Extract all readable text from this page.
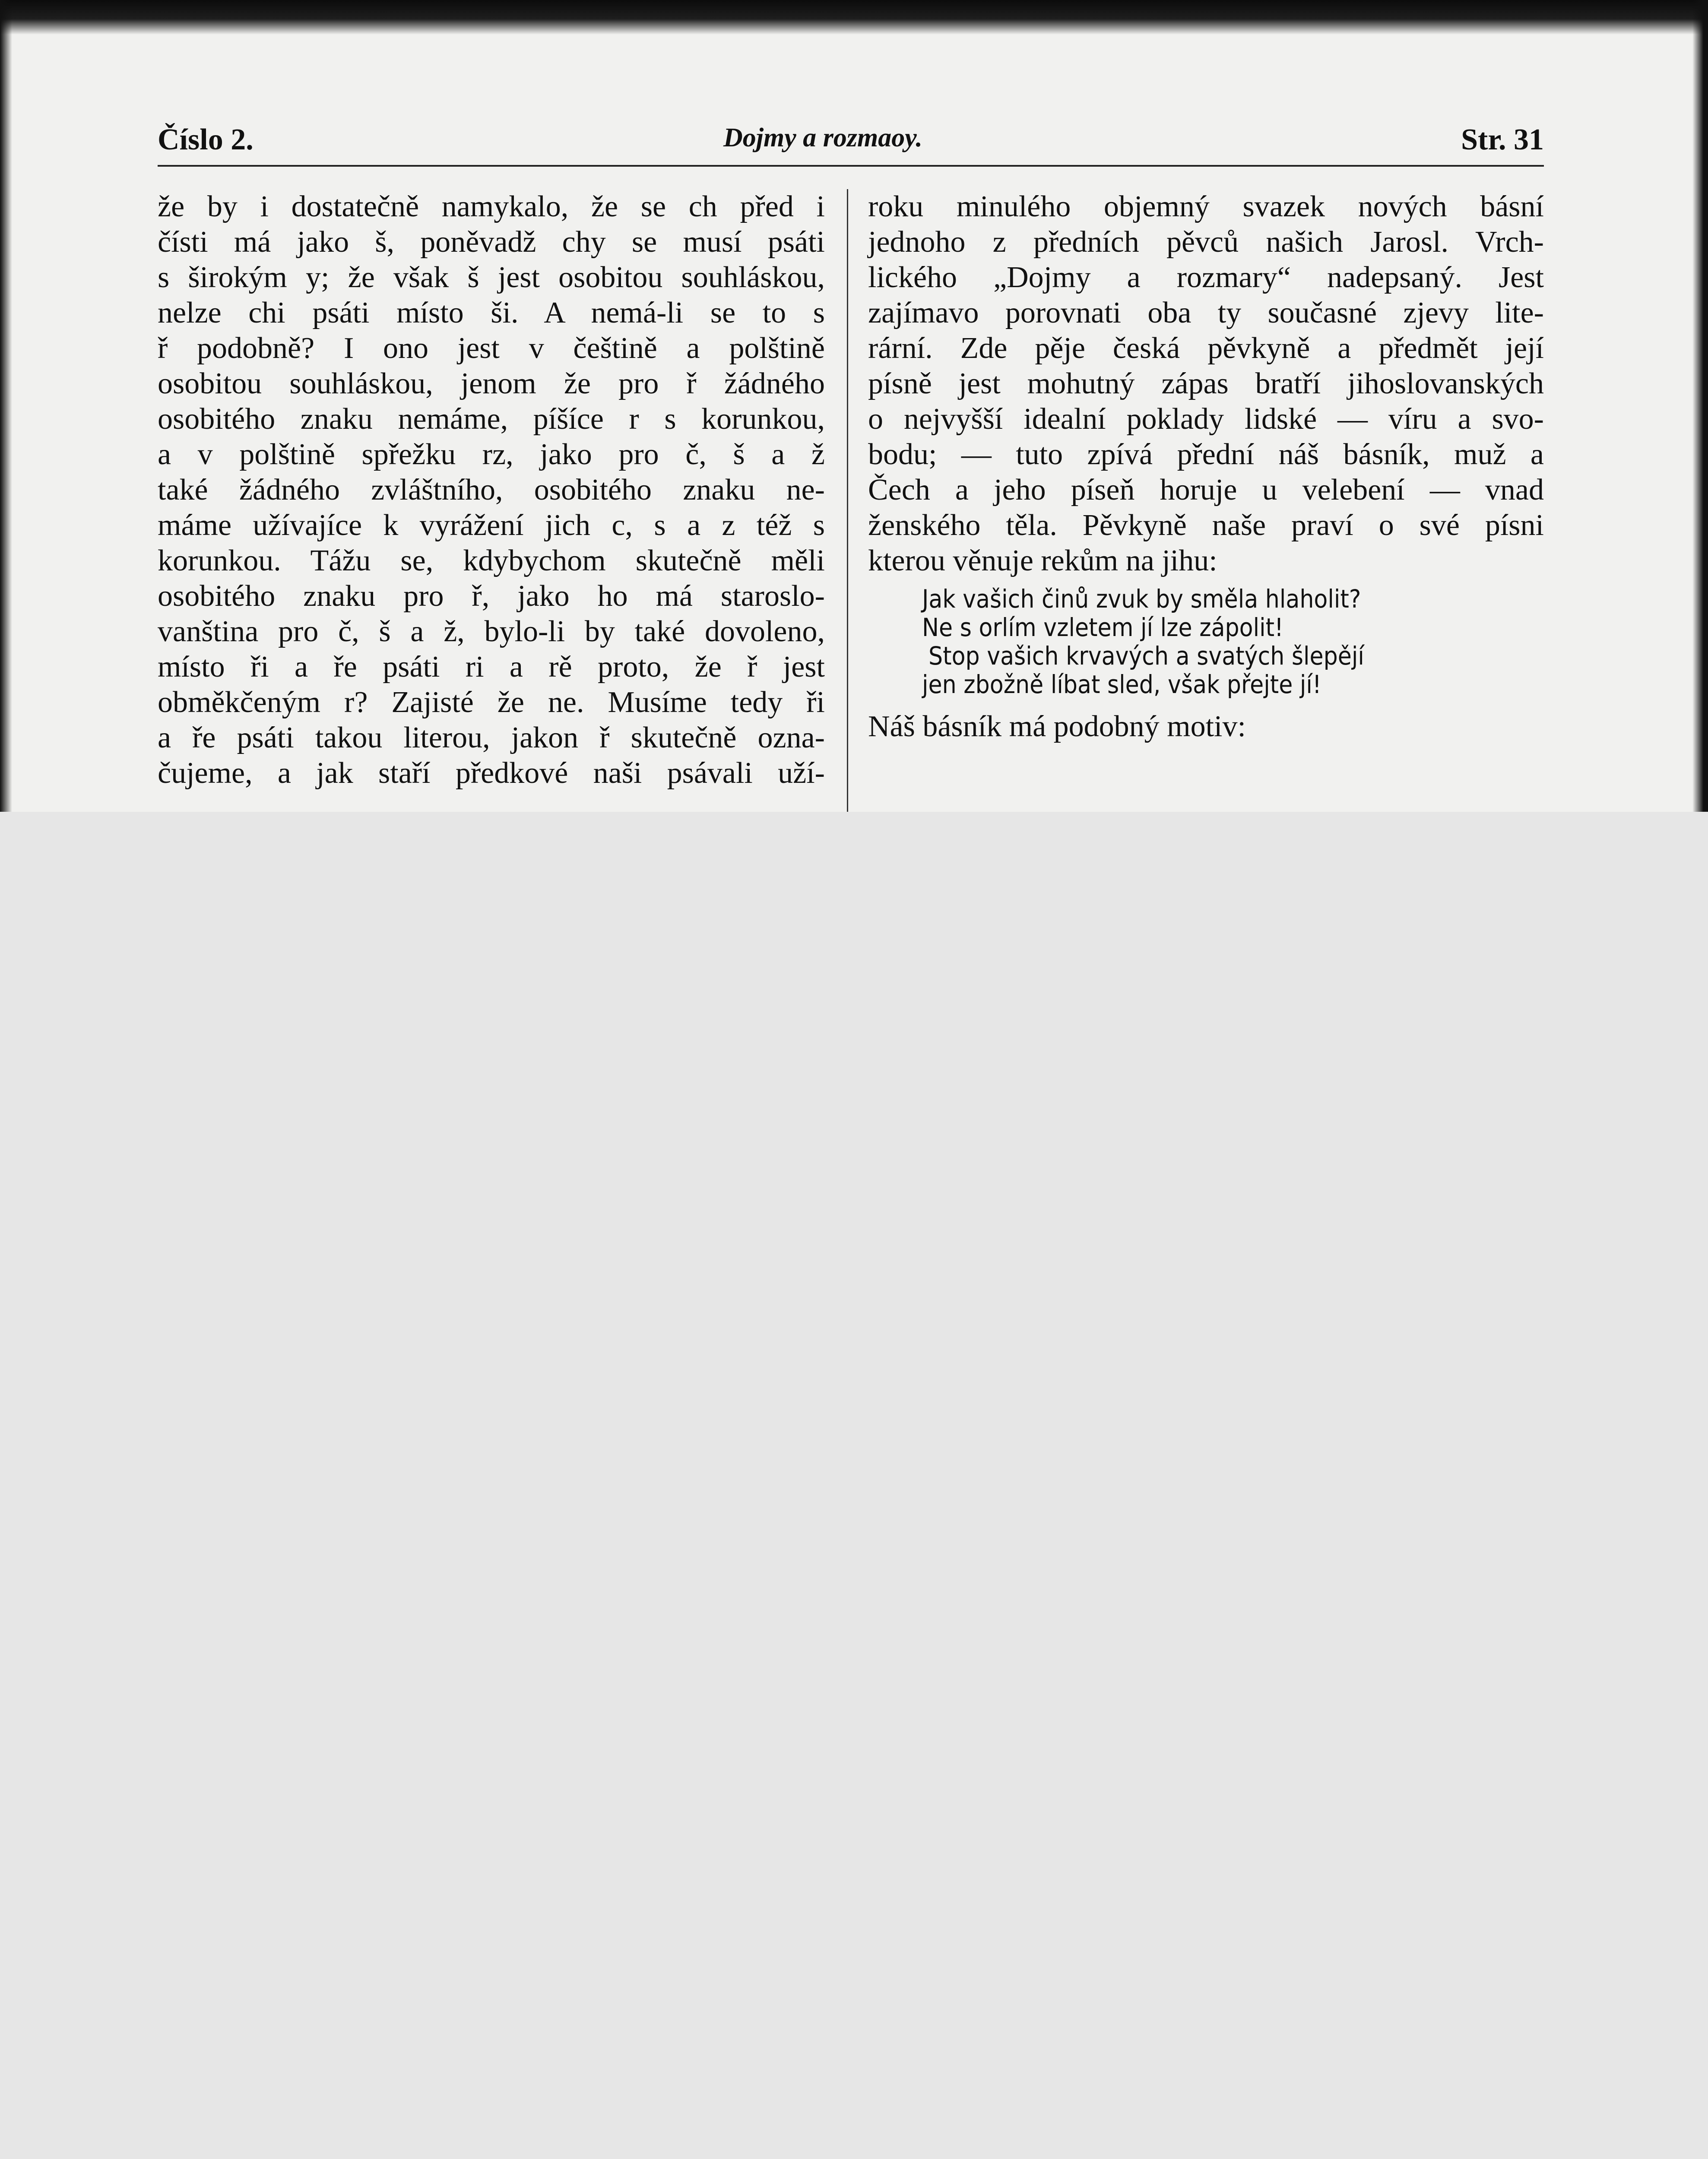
Číslo 2.	Dojmy a rozmaoy.	Str. 31
že by i dostatečně namykalo, že se ch před i
čísti má jako š, poněvadž chy se musí psáti
s širokým y; že však š jest osobitou souhláskou,
nelze chi psáti místo ši. A nemá-li se to s
ř podobně? I ono jest v češtině a polštině
osobitou souhláskou, jenom že pro ř žádného
osobitého znaku nemáme, píšíce r s korunkou,
a v polštině spřežku rz, jako pro č, š a ž
také žádného zvláštního, osobitého znaku ne-
máme užívajíce k vyrážení jich c, s a z též s
korunkou. Tážu se, kdybychom skutečně měli
osobitého znaku pro ř, jako ho má staroslo-
vanština pro č, š a ž, bylo-li by také dovoleno,
místo ři a ře psáti ri a rě proto, že ř jest
obměkčeným r? Zajisté že ne. Musíme tedy ři
a ře psáti takou literou, jakon ř skutečně ozna-
čujeme, a jak staří předkové naši psávali uží-
roku minulého objemný svazek nových básní
jednoho z předních pěvců našich Jarosl. Vrch-
lického „Dojmy a rozmary“ nadepsaný. Jest
zajímavo porovnati oba ty současné zjevy lite-
rární. Zde pěje česká pěvkyně a předmět její
písně jest mohutný zápas bratří jihoslovanských
o nejvyšší idealní poklady lidské — víru a svo-
bodu; — tuto zpívá přední náš básník, muž a
Čech a jeho píseň horuje u velebení — vnad
ženského těla. Pěvkyně naše praví o své písni
kterou věnuje rekům na jihu:
Jak vašich činů zvuk by směla hlaholit?
Ne s orlím vzletem jí lze zápolit!
Stop vašich krvavých a svatých šlepějí
jen zbožně líbat sled, však přejte jí!
Náš básník má podobný motiv:
